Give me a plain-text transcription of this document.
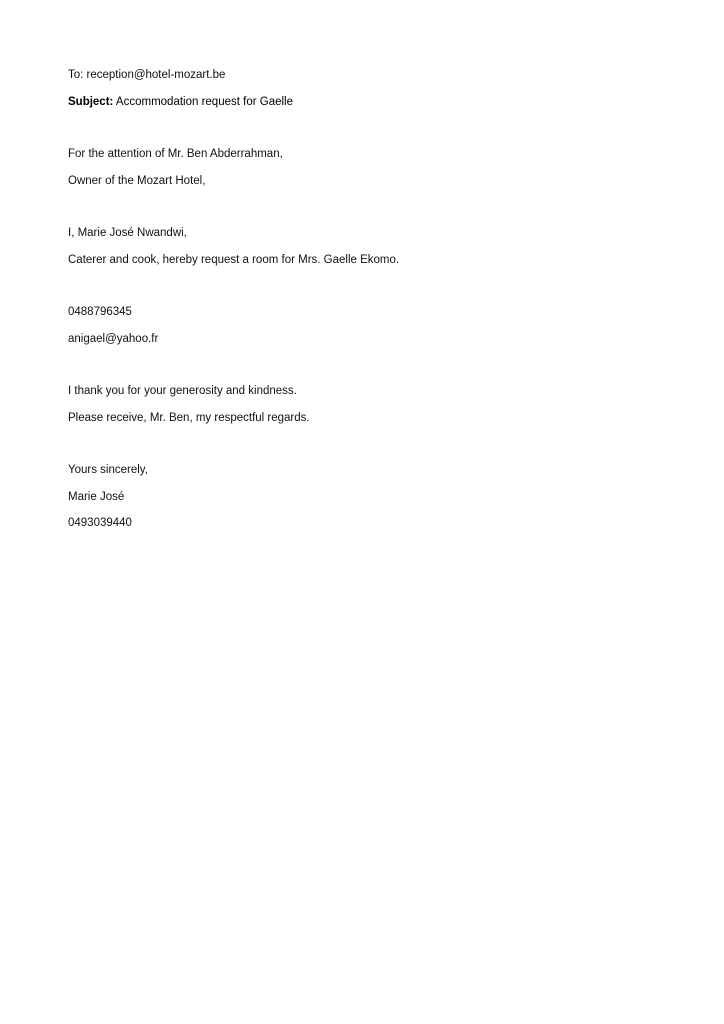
To: reception@hotel-mozart.be
Subject: Accommodation request for Gaelle
For the attention of Mr. Ben Abderrahman,
Owner of the Mozart Hotel,
I, Marie José Nwandwi,
Caterer and cook, hereby request a room for Mrs. Gaelle Ekomo.
0488796345
anigael@yahoo.fr
I thank you for your generosity and kindness.
Please receive, Mr. Ben, my respectful regards.
Yours sincerely,
Marie José
0493039440
